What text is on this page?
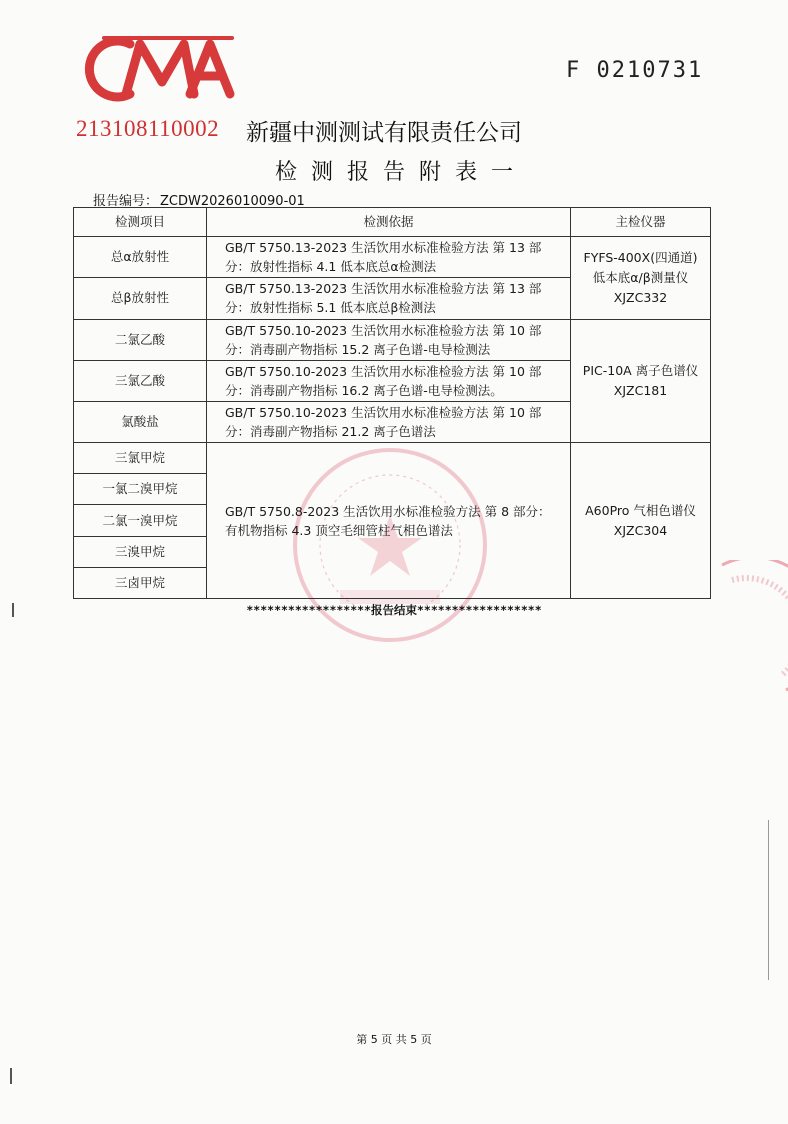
F 0210731
213108110002 新疆中测测试有限责任公司
检测报告附表一
报告编号： ZCDW2026010090-01
检测项目	检测依据	主检仪器
总α放射性	GB/T 5750.13-2023 生活饮用水标准检验方法 第 13 部分：放射性指标 4.1 低本底总α检测法	FYFS-400X(四通道)
低本底α/β测量仪
XJZC332

总β放射性	GB/T 5750.13-2023 生活饮用水标准检验方法 第 13 部分：放射性指标 5.1 低本底总β检测法	
二氯乙酸	GB/T 5750.10-2023 生活饮用水标准检验方法 第 10 部分：消毒副产物指标 15.2 离子色谱-电导检测法	PIC-10A 离子色谱仪
XJZC181

三氯乙酸	GB/T 5750.10-2023 生活饮用水标准检验方法 第 10 部分：消毒副产物指标 16.2 离子色谱-电导检测法。	
氯酸盐	GB/T 5750.10-2023 生活饮用水标准检验方法 第 10 部分：消毒副产物指标 21.2 离子色谱法	
三氯甲烷	GB/T 5750.8-2023 生活饮用水标准检验方法 第 8 部分：有机物指标 4.3 顶空毛细管柱气相色谱法	A60Pro 气相色谱仪
XJZC304

一氯二溴甲烷		
二氯一溴甲烷		
三溴甲烷		
三卤甲烷		
******************报告结束******************
第 5 页 共 5 页
